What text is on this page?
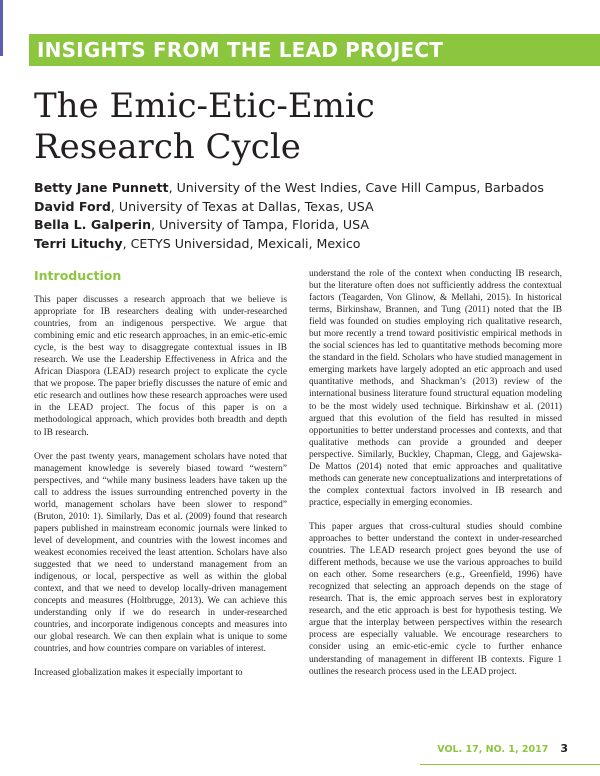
INSIGHTS FROM THE LEAD PROJECT
The Emic-Etic-Emic
Research Cycle
Betty Jane Punnett, University of the West Indies, Cave Hill Campus, Barbados
David Ford, University of Texas at Dallas, Texas, USA
Bella L. Galperin, University of Tampa, Florida, USA
Terri Lituchy, CETYS Universidad, Mexicali, Mexico
Introduction

This paper discusses a research approach that we believe is appropriate for IB researchers dealing with under-researched countries, from an indigenous perspective. We argue that combining emic and etic research approaches, in an emic-etic-emic cycle, is the best way to disaggregate contextual issues in IB research. We use the Leadership Effectiveness in Africa and the African Diaspora (LEAD) research project to explicate the cycle that we propose. The paper briefly discusses the nature of emic and etic research and outlines how these research approaches were used in the LEAD project. The focus of this paper is on a methodological approach, which provides both breadth and depth to IB research.

Over the past twenty years, management scholars have noted that management knowledge is severely biased toward “western” perspectives, and “while many business leaders have taken up the call to address the issues surrounding entrenched poverty in the world, management scholars have been slower to respond” (Bruton, 2010: 1). Similarly, Das et al. (2009) found that research papers published in mainstream economic journals were linked to level of development, and countries with the lowest incomes and weakest economies received the least attention. Scholars have also suggested that we need to understand management from an indigenous, or local, perspective as well as within the global context, and that we need to develop locally-driven management concepts and measures (Holtbrugge, 2013). We can achieve this understanding only if we do research in under-researched countries, and incorporate indigenous concepts and measures into our global research. We can then explain what is unique to some countries, and how countries compare on variables of interest.

Increased globalization makes it especially important to

understand the role of the context when conducting IB research, but the literature often does not sufficiently address the contextual factors (Teagarden, Von Glinow, & Mellahi, 2015). In historical terms, Birkinshaw, Brannen, and Tung (2011) noted that the IB field was founded on studies employing rich qualitative research, but more recently a trend toward positivistic empirical methods in the social sciences has led to quantitative methods becoming more the standard in the field. Scholars who have studied management in emerging markets have largely adopted an etic approach and used quantitative methods, and Shackman’s (2013) review of the international business literature found structural equation modeling to be the most widely used technique. Birkinshaw et al. (2011) argued that this evolution of the field has resulted in missed opportunities to better understand processes and contexts, and that qualitative methods can provide a grounded and deeper perspective. Similarly, Buckley, Chapman, Clegg, and Gajewska-De Mattos (2014) noted that emic approaches and qualitative methods can generate new conceptualizations and interpretations of the complex contextual factors involved in IB research and practice, especially in emerging economies.

This paper argues that cross-cultural studies should combine approaches to better understand the context in under-researched countries. The LEAD research project goes beyond the use of different methods, because we use the various approaches to build on each other. Some researchers (e.g., Greenfield, 1996) have recognized that selecting an approach depends on the stage of research. That is, the emic approach serves best in exploratory research, and the etic approach is best for hypothesis testing. We argue that the interplay between perspectives within the research process are especially valuable. We encourage researchers to consider using an emic-etic-emic cycle to further enhance understanding of management in different IB contexts. Figure 1 outlines the research process used in the LEAD project.

VOL. 17, NO. 1, 2017 3
